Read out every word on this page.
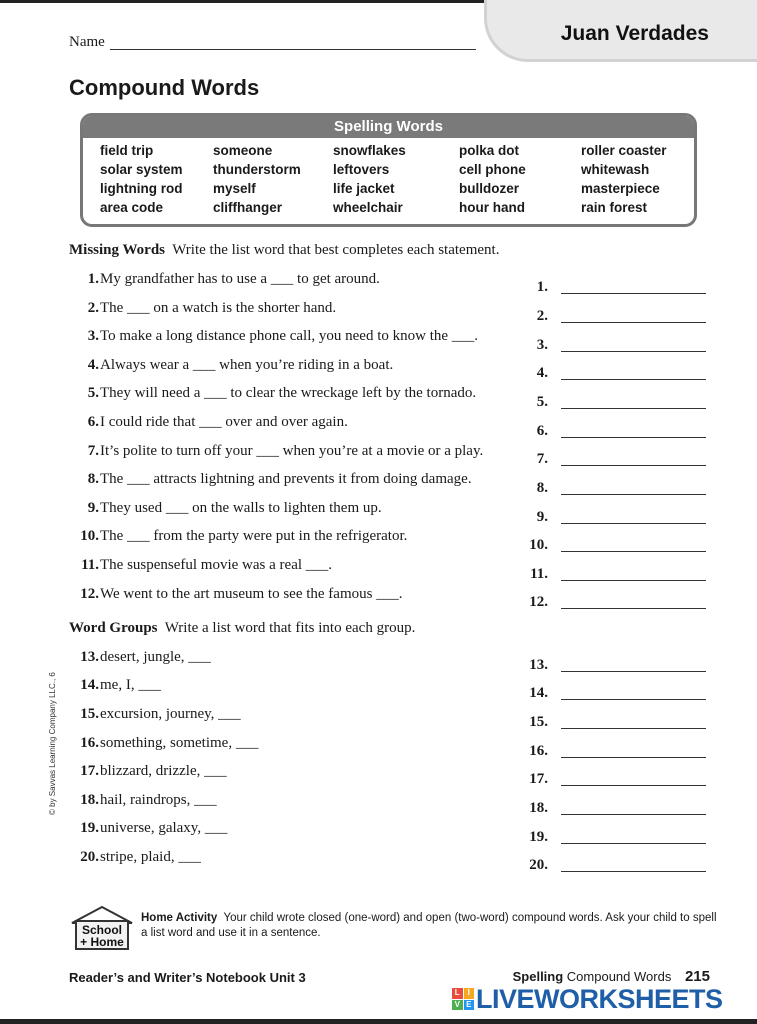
Juan Verdades
Name
Compound Words
Spelling Words
field trip
solar system
lightning rod
area code
someone
thunderstorm
myself
cliffhanger
snowflakes
leftovers
life jacket
wheelchair
polka dot
cell phone
bulldozer
hour hand
roller coaster
whitewash
masterpiece
rain forest
Missing Words Write the list word that best completes each statement.
1. My grandfather has to use a ___ to get around.
2. The ___ on a watch is the shorter hand.
3. To make a long distance phone call, you need to know the ___.
4. Always wear a ___ when you’re riding in a boat.
5. They will need a ___ to clear the wreckage left by the tornado.
6. I could ride that ___ over and over again.
7. It’s polite to turn off your ___ when you’re at a movie or a play.
8. The ___ attracts lightning and prevents it from doing damage.
9. They used ___ on the walls to lighten them up.
10. The ___ from the party were put in the refrigerator.
11. The suspenseful movie was a real ___.
12. We went to the art museum to see the famous ___.
Word Groups Write a list word that fits into each group.
13. desert, jungle, ___
14. me, I, ___
15. excursion, journey, ___
16. something, sometime, ___
17. blizzard, drizzle, ___
18. hail, raindrops, ___
19. universe, galaxy, ___
20. stripe, plaid, ___
1.
2.
3.
4.
5.
6.
7.
8.
9.
10.
11.
12.
13.
14.
15.
16.
17.
18.
19.
20.
© by Savvas Learning Company LLC., 6
School
+ Home
Home Activity Your child wrote closed (one-word) and open (two-word) compound words. Ask your child to spell a list word and use it in a sentence.
Reader’s and Writer’s Notebook Unit 3	Spelling Compound Words 215
L I
V E LIVEWORKSHEETS
